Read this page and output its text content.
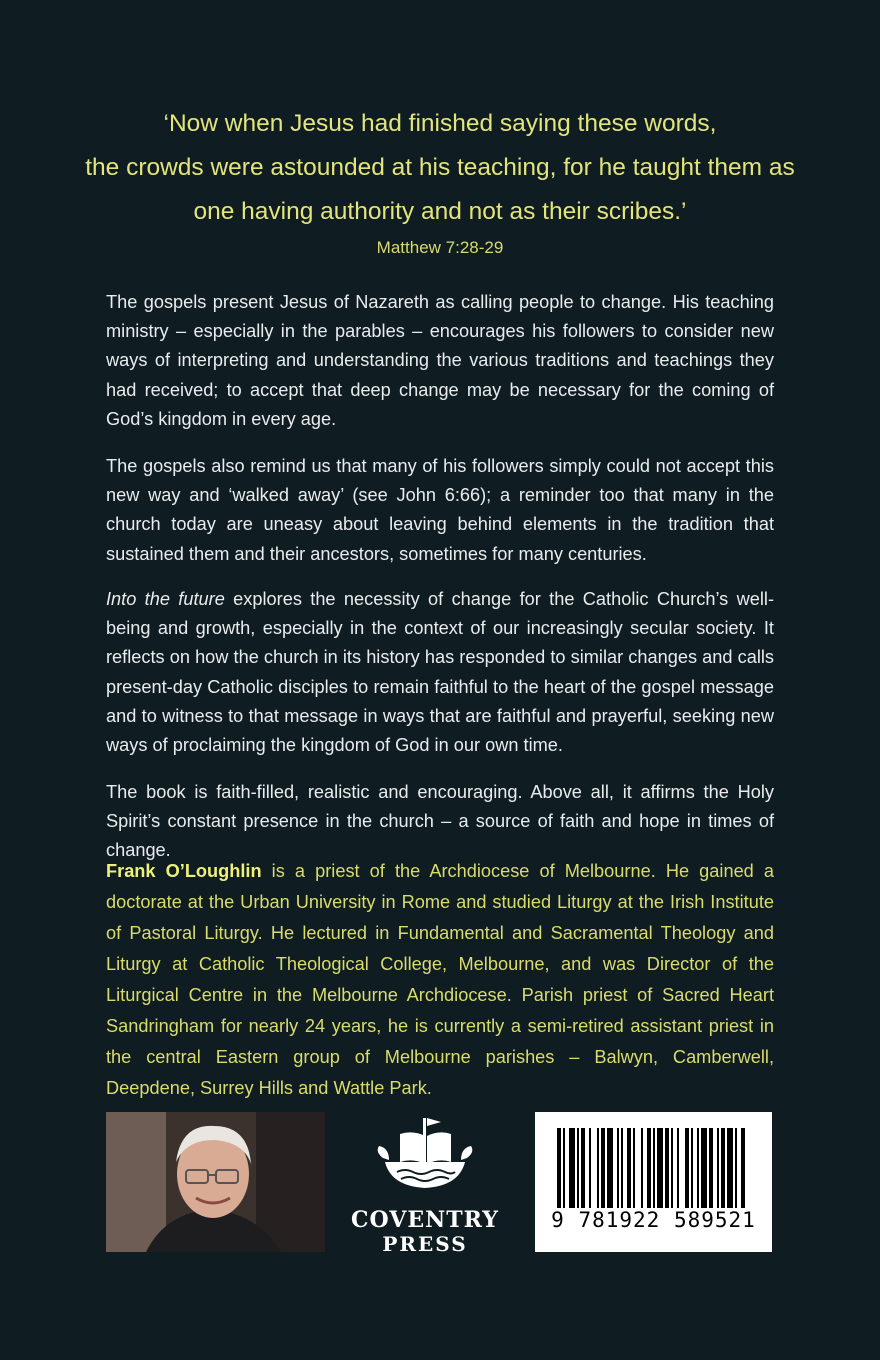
‘Now when Jesus had finished saying these words,
the crowds were astounded at his teaching, for he taught them as
one having authority and not as their scribes.’
Matthew 7:28-29

The gospels present Jesus of Nazareth as calling people to change. His teaching ministry – especially in the parables – encourages his followers to consider new ways of interpreting and understanding the various traditions and teachings they had received; to accept that deep change may be necessary for the coming of God’s kingdom in every age.

The gospels also remind us that many of his followers simply could not accept this new way and ‘walked away’ (see John 6:66); a reminder too that many in the church today are uneasy about leaving behind elements in the tradition that sustained them and their ancestors, sometimes for many centuries.

Into the future explores the necessity of change for the Catholic Church’s well-being and growth, especially in the context of our increasingly secular society. It reflects on how the church in its history has responded to similar changes and calls present-day Catholic disciples to remain faithful to the heart of the gospel message and to witness to that message in ways that are faithful and prayerful, seeking new ways of proclaiming the kingdom of God in our own time.

The book is faith-filled, realistic and encouraging. Above all, it affirms the Holy Spirit’s constant presence in the church – a source of faith and hope in times of change.

Frank O’Loughlin is a priest of the Archdiocese of Melbourne. He gained a doctorate at the Urban University in Rome and studied Liturgy at the Irish Institute of Pastoral Liturgy. He lectured in Fundamental and Sacramental Theology and Liturgy at Catholic Theological College, Melbourne, and was Director of the Liturgical Centre in the Melbourne Archdiocese. Parish priest of Sacred Heart Sandringham for nearly 24 years, he is currently a semi-retired assistant priest in the central Eastern group of Melbourne parishes – Balwyn, Camberwell, Deepdene, Surrey Hills and Wattle Park.

COVENTRY
PRESS
9 781922 589521
